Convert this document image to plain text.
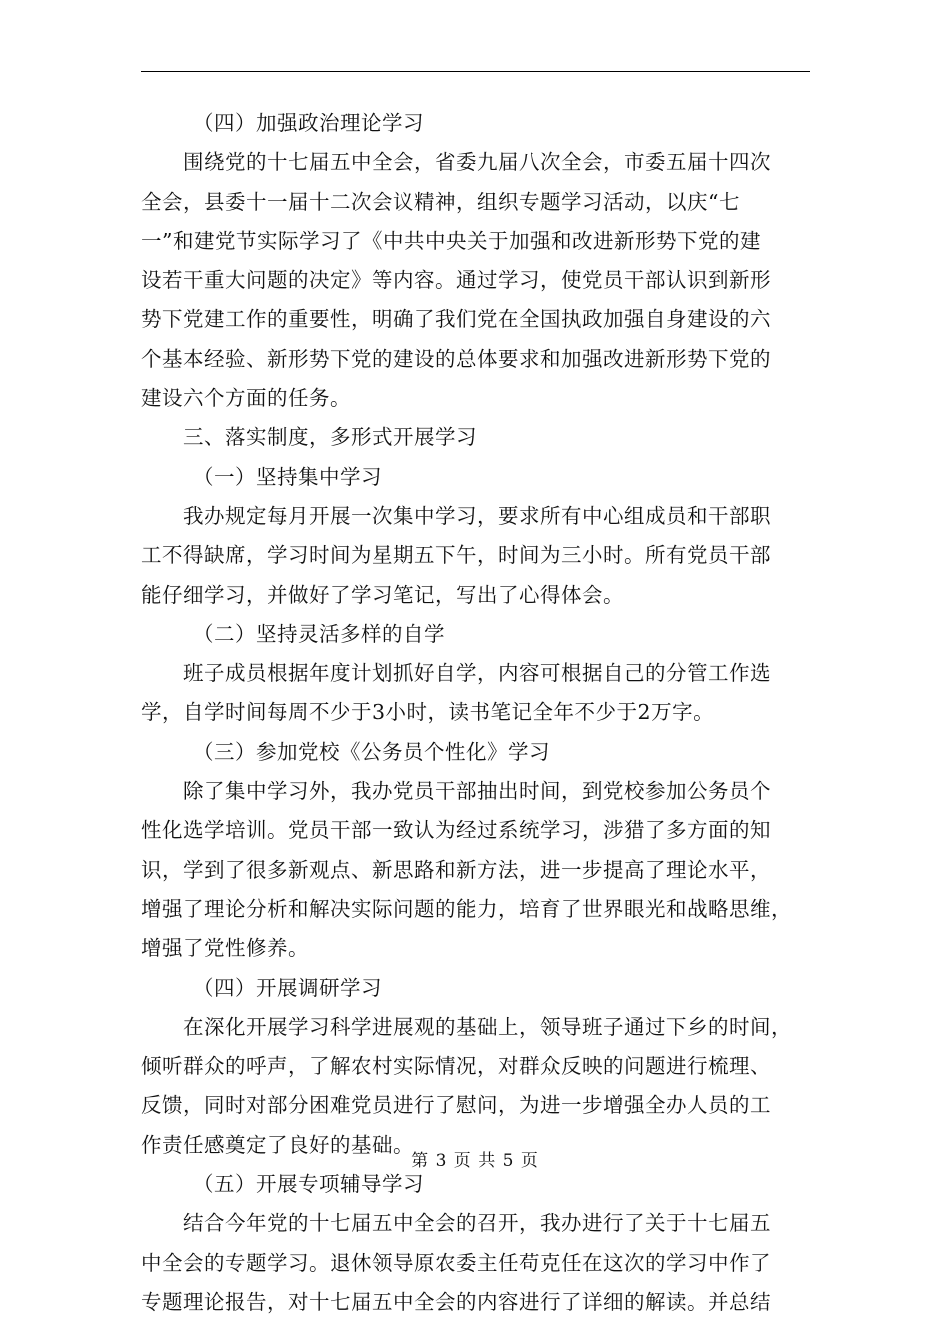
（四）加强政治理论学习
围绕党的十七届五中全会，省委九届八次全会，市委五届十四次
全会，县委十一届十二次会议精神，组织专题学习活动，以庆“七
一”和建党节实际学习了《中共中央关于加强和改进新形势下党的建
设若干重大问题的决定》等内容。通过学习，使党员干部认识到新形
势下党建工作的重要性，明确了我们党在全国执政加强自身建设的六
个基本经验、新形势下党的建设的总体要求和加强改进新形势下党的
建设六个方面的任务。
三、落实制度，多形式开展学习
（一）坚持集中学习
我办规定每月开展一次集中学习，要求所有中心组成员和干部职
工不得缺席，学习时间为星期五下午，时间为三小时。所有党员干部
能仔细学习，并做好了学习笔记，写出了心得体会。
（二）坚持灵活多样的自学
班子成员根据年度计划抓好自学，内容可根据自己的分管工作选
学，自学时间每周不少于3小时，读书笔记全年不少于2万字。
（三）参加党校《公务员个性化》学习
除了集中学习外，我办党员干部抽出时间，到党校参加公务员个
性化选学培训。党员干部一致认为经过系统学习，涉猎了多方面的知
识，学到了很多新观点、新思路和新方法，进一步提高了理论水平，
增强了理论分析和解决实际问题的能力，培育了世界眼光和战略思维，
增强了党性修养。
（四）开展调研学习
在深化开展学习科学进展观的基础上，领导班子通过下乡的时间，
倾听群众的呼声，了解农村实际情况，对群众反映的问题进行梳理、
反馈，同时对部分困难党员进行了慰问，为进一步增强全办人员的工
作责任感奠定了良好的基础。
（五）开展专项辅导学习
结合今年党的十七届五中全会的召开，我办进行了关于十七届五
中全会的专题学习。退休领导原农委主任苟克任在这次的学习中作了
专题理论报告，对十七届五中全会的内容进行了详细的解读。并总结
第 3 页 共 5 页
